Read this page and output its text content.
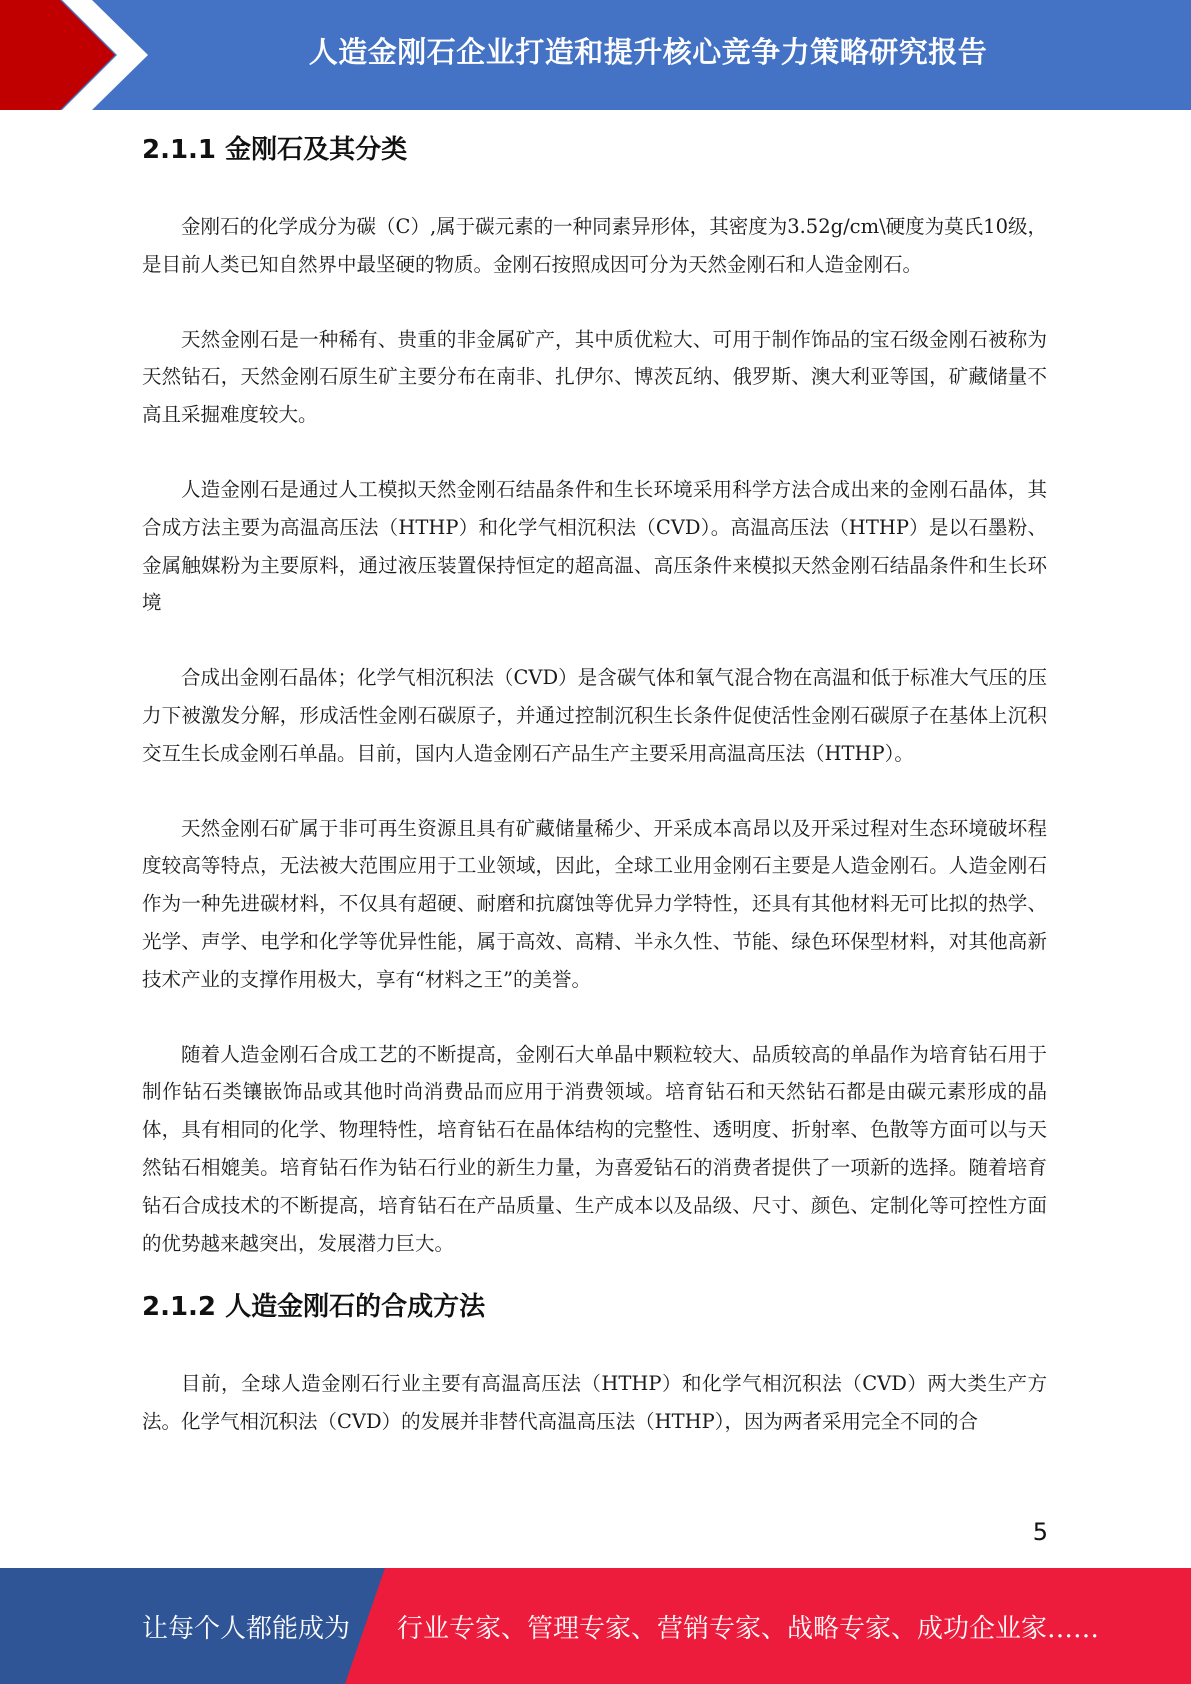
人造金刚石企业打造和提升核心竞争力策略研究报告
2.1.1 金刚石及其分类

金刚石的化学成分为碳（C）,属于碳元素的一种同素异形体，其密度为3.52g/cm\硬度为莫氏10级，是目前人类已知自然界中最坚硬的物质。金刚石按照成因可分为天然金刚石和人造金刚石。

天然金刚石是一种稀有、贵重的非金属矿产，其中质优粒大、可用于制作饰品的宝石级金刚石被称为天然钻石，天然金刚石原生矿主要分布在南非、扎伊尔、博茨瓦纳、俄罗斯、澳大利亚等国，矿藏储量不高且采掘难度较大。

人造金刚石是通过人工模拟天然金刚石结晶条件和生长环境采用科学方法合成出来的金刚石晶体，其合成方法主要为高温高压法（HTHP）和化学气相沉积法（CVD）。高温高压法（HTHP）是以石墨粉、金属触媒粉为主要原料，通过液压装置保持恒定的超高温、高压条件来模拟天然金刚石结晶条件和生长环境

合成出金刚石晶体；化学气相沉积法（CVD）是含碳气体和氧气混合物在高温和低于标准大气压的压力下被激发分解，形成活性金刚石碳原子，并通过控制沉积生长条件促使活性金刚石碳原子在基体上沉积交互生长成金刚石单晶。目前，国内人造金刚石产品生产主要采用高温高压法（HTHP）。

天然金刚石矿属于非可再生资源且具有矿藏储量稀少、开采成本高昂以及开采过程对生态环境破坏程度较高等特点，无法被大范围应用于工业领域，因此，全球工业用金刚石主要是人造金刚石。人造金刚石作为一种先进碳材料，不仅具有超硬、耐磨和抗腐蚀等优异力学特性，还具有其他材料无可比拟的热学、光学、声学、电学和化学等优异性能，属于高效、高精、半永久性、节能、绿色环保型材料，对其他高新技术产业的支撑作用极大，享有“材料之王”的美誉。

随着人造金刚石合成工艺的不断提高，金刚石大单晶中颗粒较大、品质较高的单晶作为培育钻石用于制作钻石类镶嵌饰品或其他时尚消费品而应用于消费领域。培育钻石和天然钻石都是由碳元素形成的晶体，具有相同的化学、物理特性，培育钻石在晶体结构的完整性、透明度、折射率、色散等方面可以与天然钻石相媲美。培育钻石作为钻石行业的新生力量，为喜爱钻石的消费者提供了一项新的选择。随着培育钻石合成技术的不断提高，培育钻石在产品质量、生产成本以及品级、尺寸、颜色、定制化等可控性方面的优势越来越突出，发展潜力巨大。

2.1.2 人造金刚石的合成方法

目前，全球人造金刚石行业主要有高温高压法（HTHP）和化学气相沉积法（CVD）两大类生产方法。化学气相沉积法（CVD）的发展并非替代高温高压法（HTHP），因为两者采用完全不同的合

5
让每个人都能成为 行业专家、管理专家、营销专家、战略专家、成功企业家……
